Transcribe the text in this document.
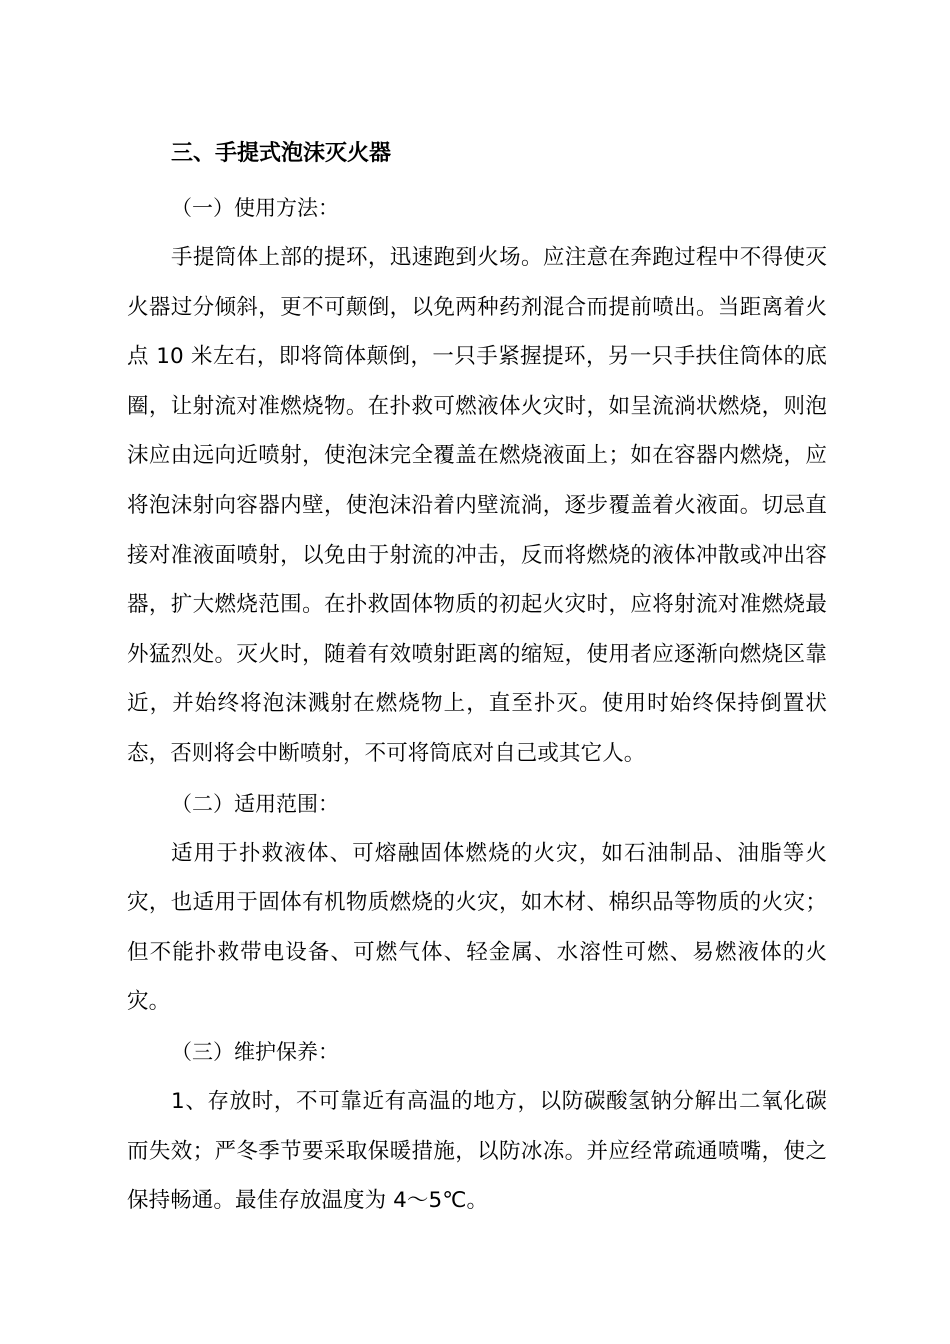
三、手提式泡沫灭火器
（一）使用方法：

手提筒体上部的提环，迅速跑到火场。应注意在奔跑过程中不得使灭火器过分倾斜，更不可颠倒，以免两种药剂混合而提前喷出。当距离着火点 10 米左右，即将筒体颠倒，一只手紧握提环，另一只手扶住筒体的底圈，让射流对准燃烧物。在扑救可燃液体火灾时，如呈流淌状燃烧，则泡沫应由远向近喷射，使泡沫完全覆盖在燃烧液面上；如在容器内燃烧，应将泡沫射向容器内壁，使泡沫沿着内壁流淌，逐步覆盖着火液面。切忌直接对准液面喷射，以免由于射流的冲击，反而将燃烧的液体冲散或冲出容器，扩大燃烧范围。在扑救固体物质的初起火灾时，应将射流对准燃烧最外猛烈处。灭火时，随着有效喷射距离的缩短，使用者应逐渐向燃烧区靠近，并始终将泡沫溅射在燃烧物上，直至扑灭。使用时始终保持倒置状态，否则将会中断喷射，不可将筒底对自己或其它人。

（二）适用范围：

适用于扑救液体、可熔融固体燃烧的火灾，如石油制品、油脂等火灾，也适用于固体有机物质燃烧的火灾，如木材、棉织品等物质的火灾；但不能扑救带电设备、可燃气体、轻金属、水溶性可燃、易燃液体的火灾。

（三）维护保养：

1、存放时，不可靠近有高温的地方，以防碳酸氢钠分解出二氧化碳而失效；严冬季节要采取保暖措施，以防冰冻。并应经常疏通喷嘴，使之保持畅通。最佳存放温度为 4～5℃。
